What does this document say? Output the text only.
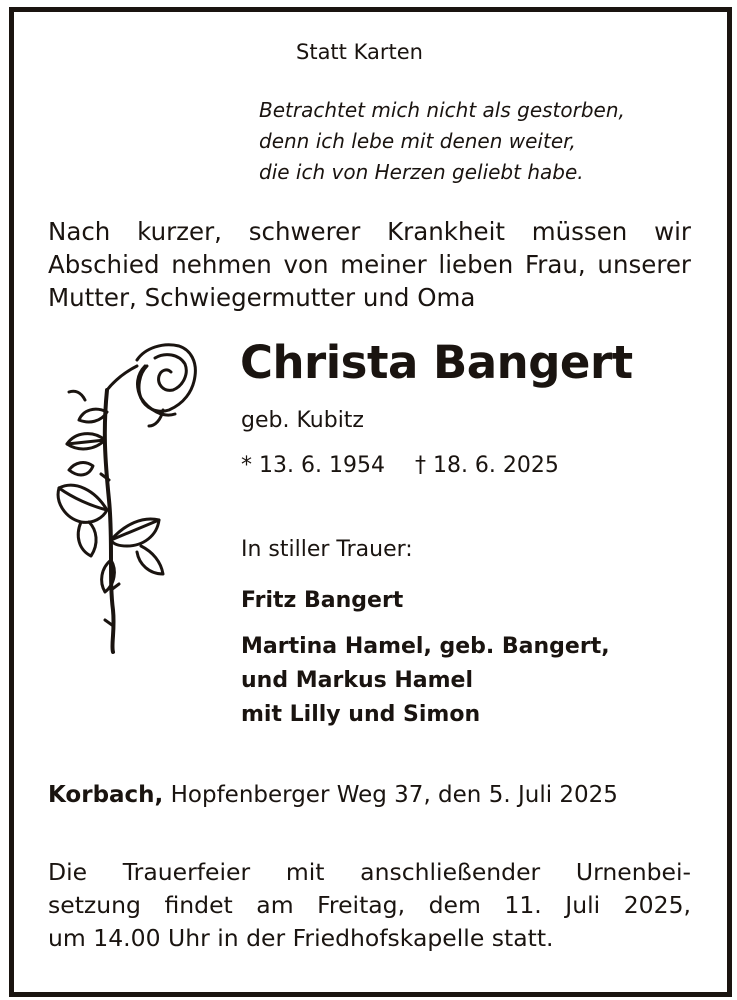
Statt Karten
Betrachtet mich nicht als gestorben,
denn ich lebe mit denen weiter,
die ich von Herzen geliebt habe.
Nach kurzer, schwerer Krankheit müssen wir
Abschied nehmen von meiner lieben Frau, unserer
Mutter, Schwiegermutter und Oma
Christa Bangert
geb. Kubitz
* 13. 6. 1954 † 18. 6. 2025
In stiller Trauer:
Fritz Bangert
Martina Hamel, geb. Bangert,
und Markus Hamel
mit Lilly und Simon
Korbach, Hopfenberger Weg 37, den 5. Juli 2025
Die Trauerfeier mit anschließender Urnenbei-
setzung findet am Freitag, dem 11. Juli 2025,
um 14.00 Uhr in der Friedhofskapelle statt.
